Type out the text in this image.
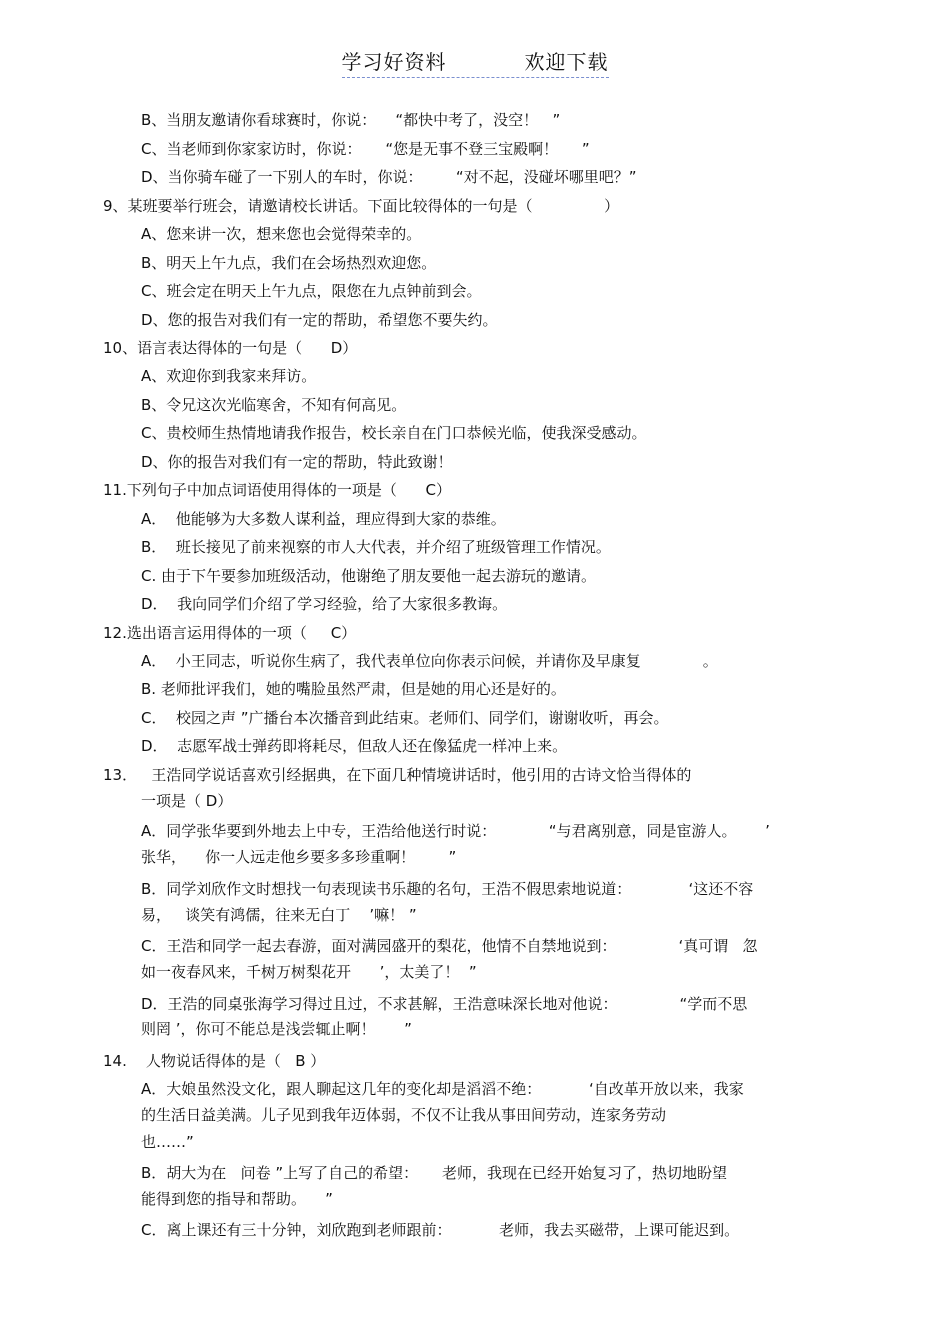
学习好资料	欢迎下载
B、当朋友邀请你看球赛时，你说：    “都快中考了，没空！   ”
C、当老师到你家家访时，你说：     “您是无事不登三宝殿啊！     ”
D、当你骑车碰了一下别人的车时，你说：       “对不起，没碰坏哪里吧？”
9、某班要举行班会，请邀请校长讲话。下面比较得体的一句是（               ）
A、您来讲一次，想来您也会觉得荣幸的。
B、明天上午九点，我们在会场热烈欢迎您。
C、班会定在明天上午九点，限您在九点钟前到会。
D、您的报告对我们有一定的帮助，希望您不要失约。
10、语言表达得体的一句是（      D）
A、欢迎你到我家来拜访。
B、令兄这次光临寒舍，不知有何高见。
C、贵校师生热情地请我作报告，校长亲自在门口恭候光临，使我深受感动。
D、你的报告对我们有一定的帮助，特此致谢！
11.下列句子中加点词语使用得体的一项是（      C）
A．  他能够为大多数人谋利益，理应得到大家的恭维。
B．  班长接见了前来视察的市人大代表，并介绍了班级管理工作情况。
C. 由于下午要参加班级活动，他谢绝了朋友要他一起去游玩的邀请。
D．  我向同学们介绍了学习经验，给了大家很多教诲。
12.选出语言运用得体的一项（     C）
A．  小王同志，听说你生病了，我代表单位向你表示问候，并请你及早康复             。
B. 老师批评我们，她的嘴脸虽然严肃，但是她的用心还是好的。
C．  校园之声 ”广播台本次播音到此结束。老师们、同学们，谢谢收听，再会。
D．  志愿军战士弹药即将耗尽，但敌人还在像猛虎一样冲上来。
13．   王浩同学说话喜欢引经据典，在下面几种情境讲话时，他引用的古诗文恰当得体的
一项是（ D）
A．同学张华要到外地去上中专，王浩给他送行时说：           “与君离别意，同是宦游人。      ’
张华，    你一人远走他乡要多多珍重啊！       ”
B．同学刘欣作文时想找一句表现读书乐趣的名句，王浩不假思索地说道：            ‘这还不容
易，   谈笑有鸿儒，往来无白丁    ’嘛！ ”
C．王浩和同学一起去春游，面对满园盛开的梨花，他情不自禁地说到：             ‘真可谓   忽
如一夜春风来，千树万树梨花开      ’，太美了！  ”
D．王浩的同桌张海学习得过且过，不求甚解，王浩意味深长地对他说：             “学而不思
则罔 ’，你可不能总是浅尝辄止啊！      ”
14.    人物说话得体的是（   B ）
A．大娘虽然没文化，跟人聊起这几年的变化却是滔滔不绝：          ‘自改革开放以来，我家
的生活日益美满。儿子见到我年迈体弱，不仅不让我从事田间劳动，连家务劳动
也……”
B．胡大为在   问卷 ”上写了自己的希望：     老师，我现在已经开始复习了，热切地盼望
能得到您的指导和帮助。    ”
C．离上课还有三十分钟，刘欣跑到老师跟前：          老师，我去买磁带，上课可能迟到。
